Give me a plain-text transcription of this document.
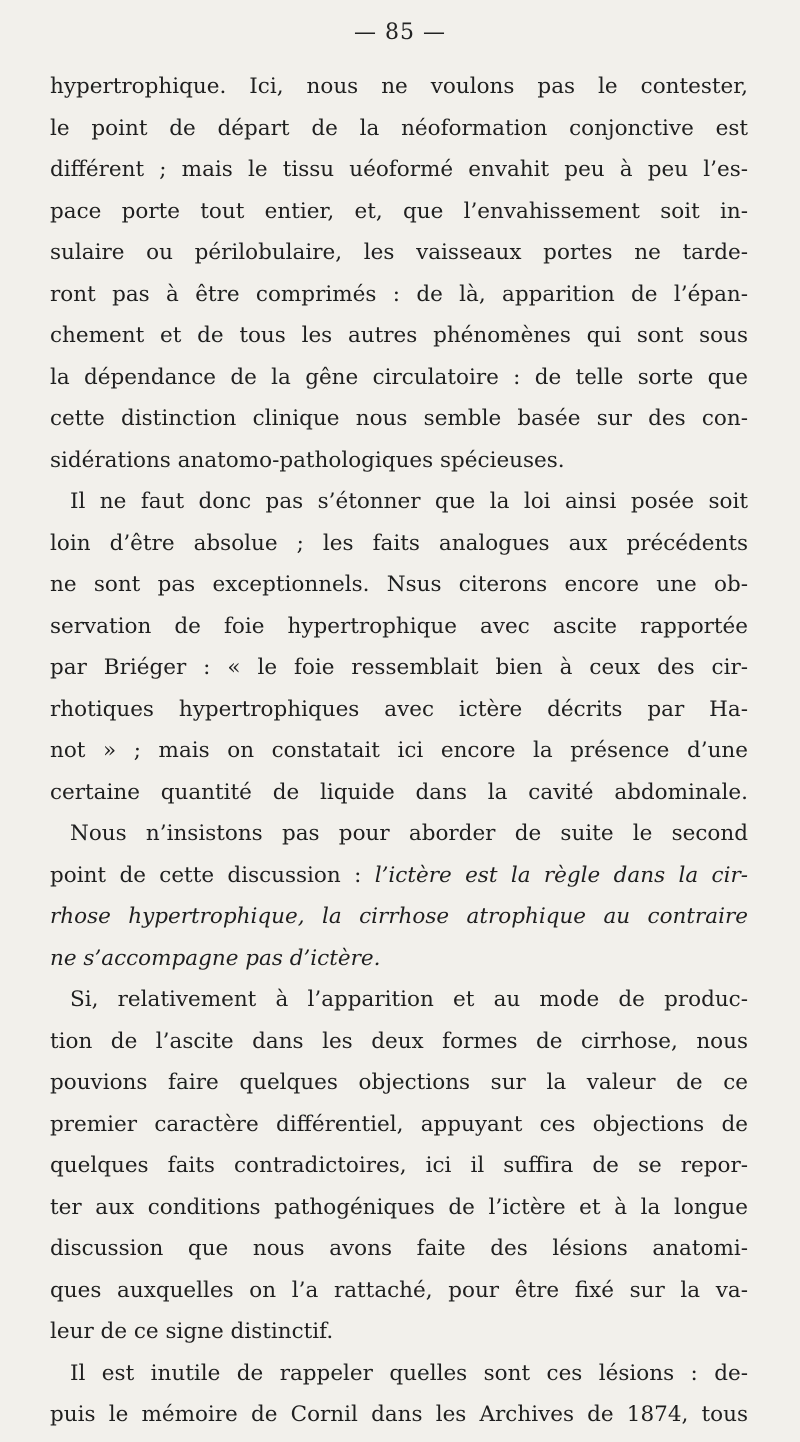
— 85 —
hypertrophique. Ici, nous ne voulons pas le contester,
le point de départ de la néoformation conjonctive est
différent ; mais le tissu uéoformé envahit peu à peu l’es-
pace porte tout entier, et, que l’envahissement soit in-
sulaire ou périlobulaire, les vaisseaux portes ne tarde-
ront pas à être comprimés : de là, apparition de l’épan-
chement et de tous les autres phénomènes qui sont sous
la dépendance de la gêne circulatoire : de telle sorte que
cette distinction clinique nous semble basée sur des con-
sidérations anatomo-pathologiques spécieuses.
Il ne faut donc pas s’étonner que la loi ainsi posée soit
loin d’être absolue ; les faits analogues aux précédents
ne sont pas exceptionnels. Nsus citerons encore une ob-
servation de foie hypertrophique avec ascite rapportée
par Briéger : « le foie ressemblait bien à ceux des cir-
rhotiques hypertrophiques avec ictère décrits par Ha-
not » ; mais on constatait ici encore la présence d’une
certaine quantité de liquide dans la cavité abdominale.
Nous n’insistons pas pour aborder de suite le second
point de cette discussion : l’ictère est la règle dans la cir-
rhose hypertrophique, la cirrhose atrophique au contraire
ne s’accompagne pas d’ictère.
Si, relativement à l’apparition et au mode de produc-
tion de l’ascite dans les deux formes de cirrhose, nous
pouvions faire quelques objections sur la valeur de ce
premier caractère différentiel, appuyant ces objections de
quelques faits contradictoires, ici il suffira de se repor-
ter aux conditions pathogéniques de l’ictère et à la longue
discussion que nous avons faite des lésions anatomi-
ques auxquelles on l’a rattaché, pour être fixé sur la va-
leur de ce signe distinctif.
Il est inutile de rappeler quelles sont ces lésions : de-
puis le mémoire de Cornil dans les Archives de 1874, tous
